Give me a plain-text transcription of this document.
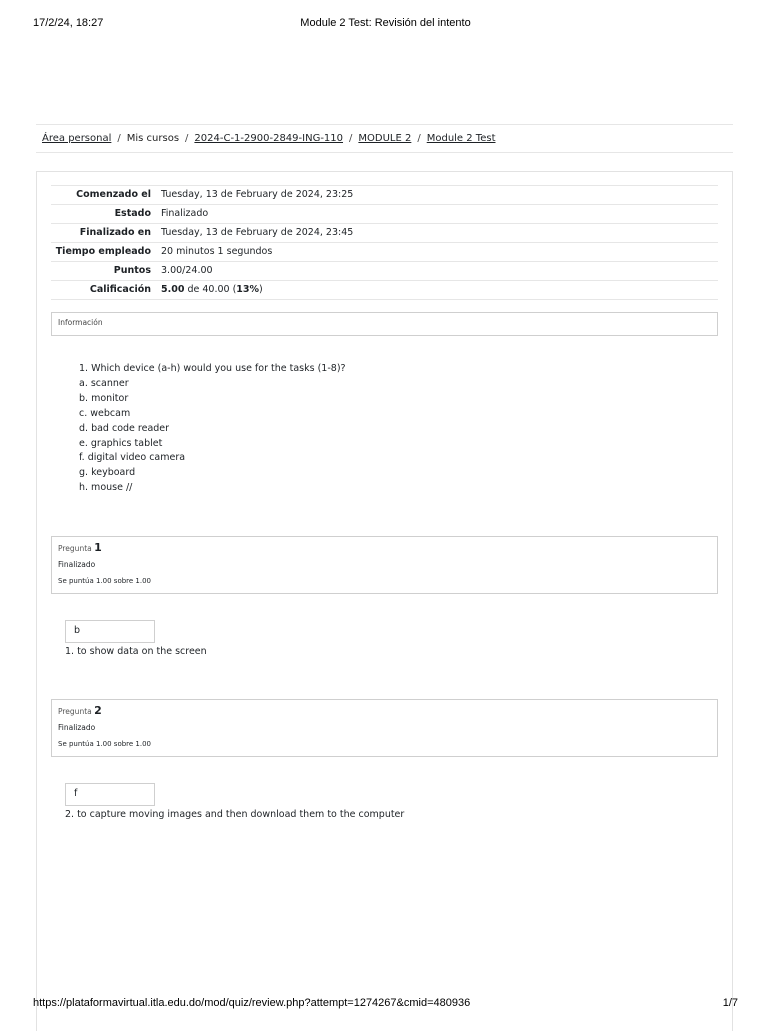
17/2/24, 18:27	Module 2 Test: Revisión del intento
Área personal / Mis cursos / 2024-C-1-2900-2849-ING-110 / MODULE 2 / Module 2 Test
Comenzado el	Tuesday, 13 de February de 2024, 23:25
Estado	Finalizado
Finalizado en	Tuesday, 13 de February de 2024, 23:45
Tiempo empleado	20 minutos 1 segundos
Puntos	3.00/24.00
Calificación	5.00 de 40.00 (13%)
Información
1. Which device (a-h) would you use for the tasks (1-8)?
a. scanner
b. monitor
c. webcam
d. bad code reader
e. graphics tablet
f. digital video camera
g. keyboard
h. mouse //
Pregunta 1
Finalizado
Se puntúa 1.00 sobre 1.00
b
1. to show data on the screen
Pregunta 2
Finalizado
Se puntúa 1.00 sobre 1.00
f
2. to capture moving images and then download them to the computer
https://plataformavirtual.itla.edu.do/mod/quiz/review.php?attempt=1274267&cmid=480936	1/7
